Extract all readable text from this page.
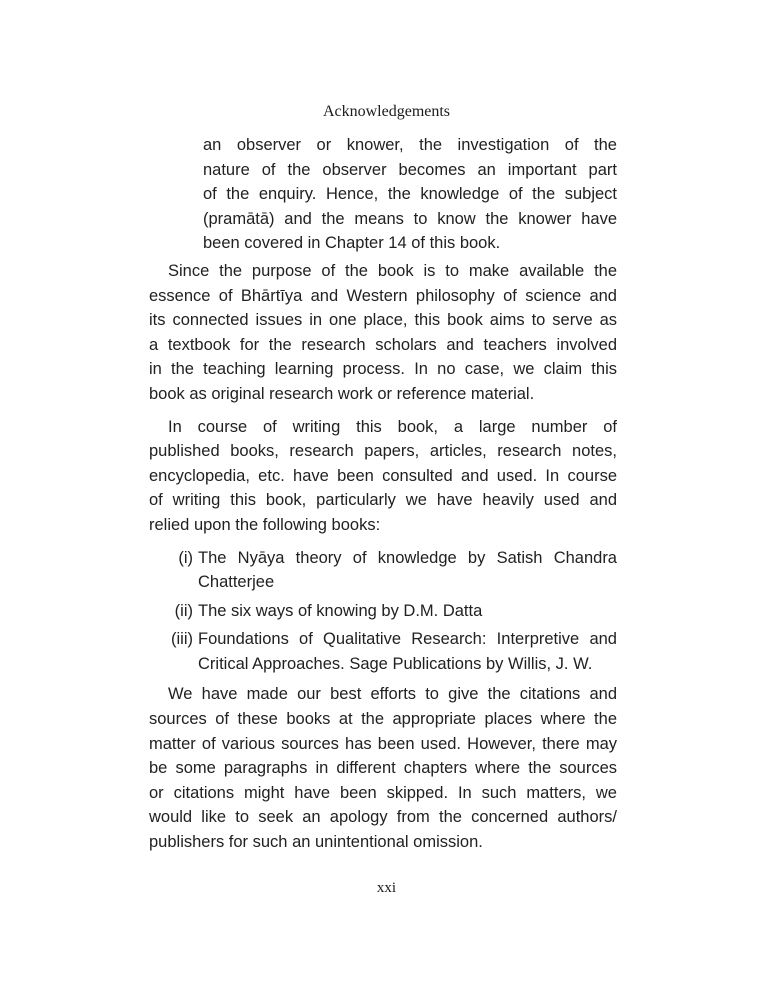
Acknowledgements
an observer or knower, the investigation of the
nature of the observer becomes an important part
of the enquiry. Hence, the knowledge of the subject
(pramātā) and the means to know the knower have
been covered in Chapter 14 of this book.
Since the purpose of the book is to make available the
essence of Bhārtīya and Western philosophy of science and
its connected issues in one place, this book aims to serve as
a textbook for the research scholars and teachers involved
in the teaching learning process. In no case, we claim this
book as original research work or reference material.
In course of writing this book, a large number of
published books, research papers, articles, research notes,
encyclopedia, etc. have been consulted and used. In course
of writing this book, particularly we have heavily used and
relied upon the following books:
(i) The Nyāya theory of knowledge by Satish Chandra
Chatterjee
(ii) The six ways of knowing by D.M. Datta
(iii) Foundations of Qualitative Research: Interpretive and
Critical Approaches. Sage Publications by Willis, J. W.
We have made our best efforts to give the citations and
sources of these books at the appropriate places where the
matter of various sources has been used. However, there may
be some paragraphs in different chapters where the sources
or citations might have been skipped. In such matters, we
would like to seek an apology from the concerned authors/
publishers for such an unintentional omission.
xxi
